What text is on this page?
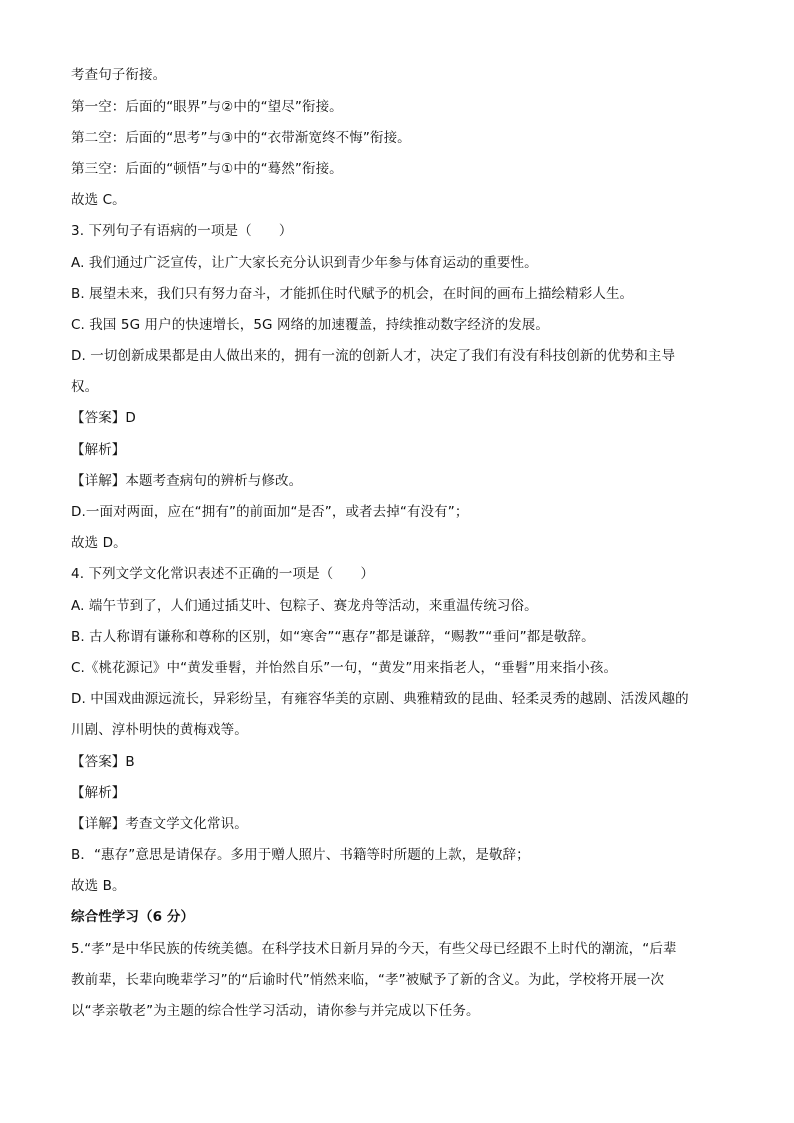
考查句子衔接。
第一空：后面的“眼界”与②中的“望尽”衔接。
第二空：后面的“思考”与③中的“衣带渐宽终不悔”衔接。
第三空：后面的“顿悟”与①中的“蓦然”衔接。
故选 C。
3. 下列句子有语病的一项是（　　）
A. 我们通过广泛宣传，让广大家长充分认识到青少年参与体育运动的重要性。
B. 展望未来，我们只有努力奋斗，才能抓住时代赋予的机会，在时间的画布上描绘精彩人生。
C. 我国 5G 用户的快速增长，5G 网络的加速覆盖，持续推动数字经济的发展。
D. 一切创新成果都是由人做出来的，拥有一流的创新人才，决定了我们有没有科技创新的优势和主导
权。
【答案】D
【解析】
【详解】本题考查病句的辨析与修改。
D.一面对两面，应在“拥有”的前面加“是否”，或者去掉“有没有”；
故选 D。
4. 下列文学文化常识表述不正确的一项是（　　）
A. 端午节到了，人们通过插艾叶、包粽子、赛龙舟等活动，来重温传统习俗。
B. 古人称谓有谦称和尊称的区别，如“寒舍”“惠存”都是谦辞，“赐教”“垂问”都是敬辞。
C.《桃花源记》中“黄发垂髫，并怡然自乐”一句，“黄发”用来指老人，“垂髫”用来指小孩。
D. 中国戏曲源远流长，异彩纷呈，有雍容华美的京剧、典雅精致的昆曲、轻柔灵秀的越剧、活泼风趣的
川剧、淳朴明快的黄梅戏等。
【答案】B
【解析】
【详解】考查文学文化常识。
B．“惠存”意思是请保存。多用于赠人照片、书籍等时所题的上款，是敬辞；
故选 B。
综合性学习（6 分）
5.“孝”是中华民族的传统美德。在科学技术日新月异的今天，有些父母已经跟不上时代的潮流，“后辈
教前辈，长辈向晚辈学习”的“后谕时代”悄然来临，“孝”被赋予了新的含义。为此，学校将开展一次
以“孝亲敬老”为主题的综合性学习活动，请你参与并完成以下任务。
